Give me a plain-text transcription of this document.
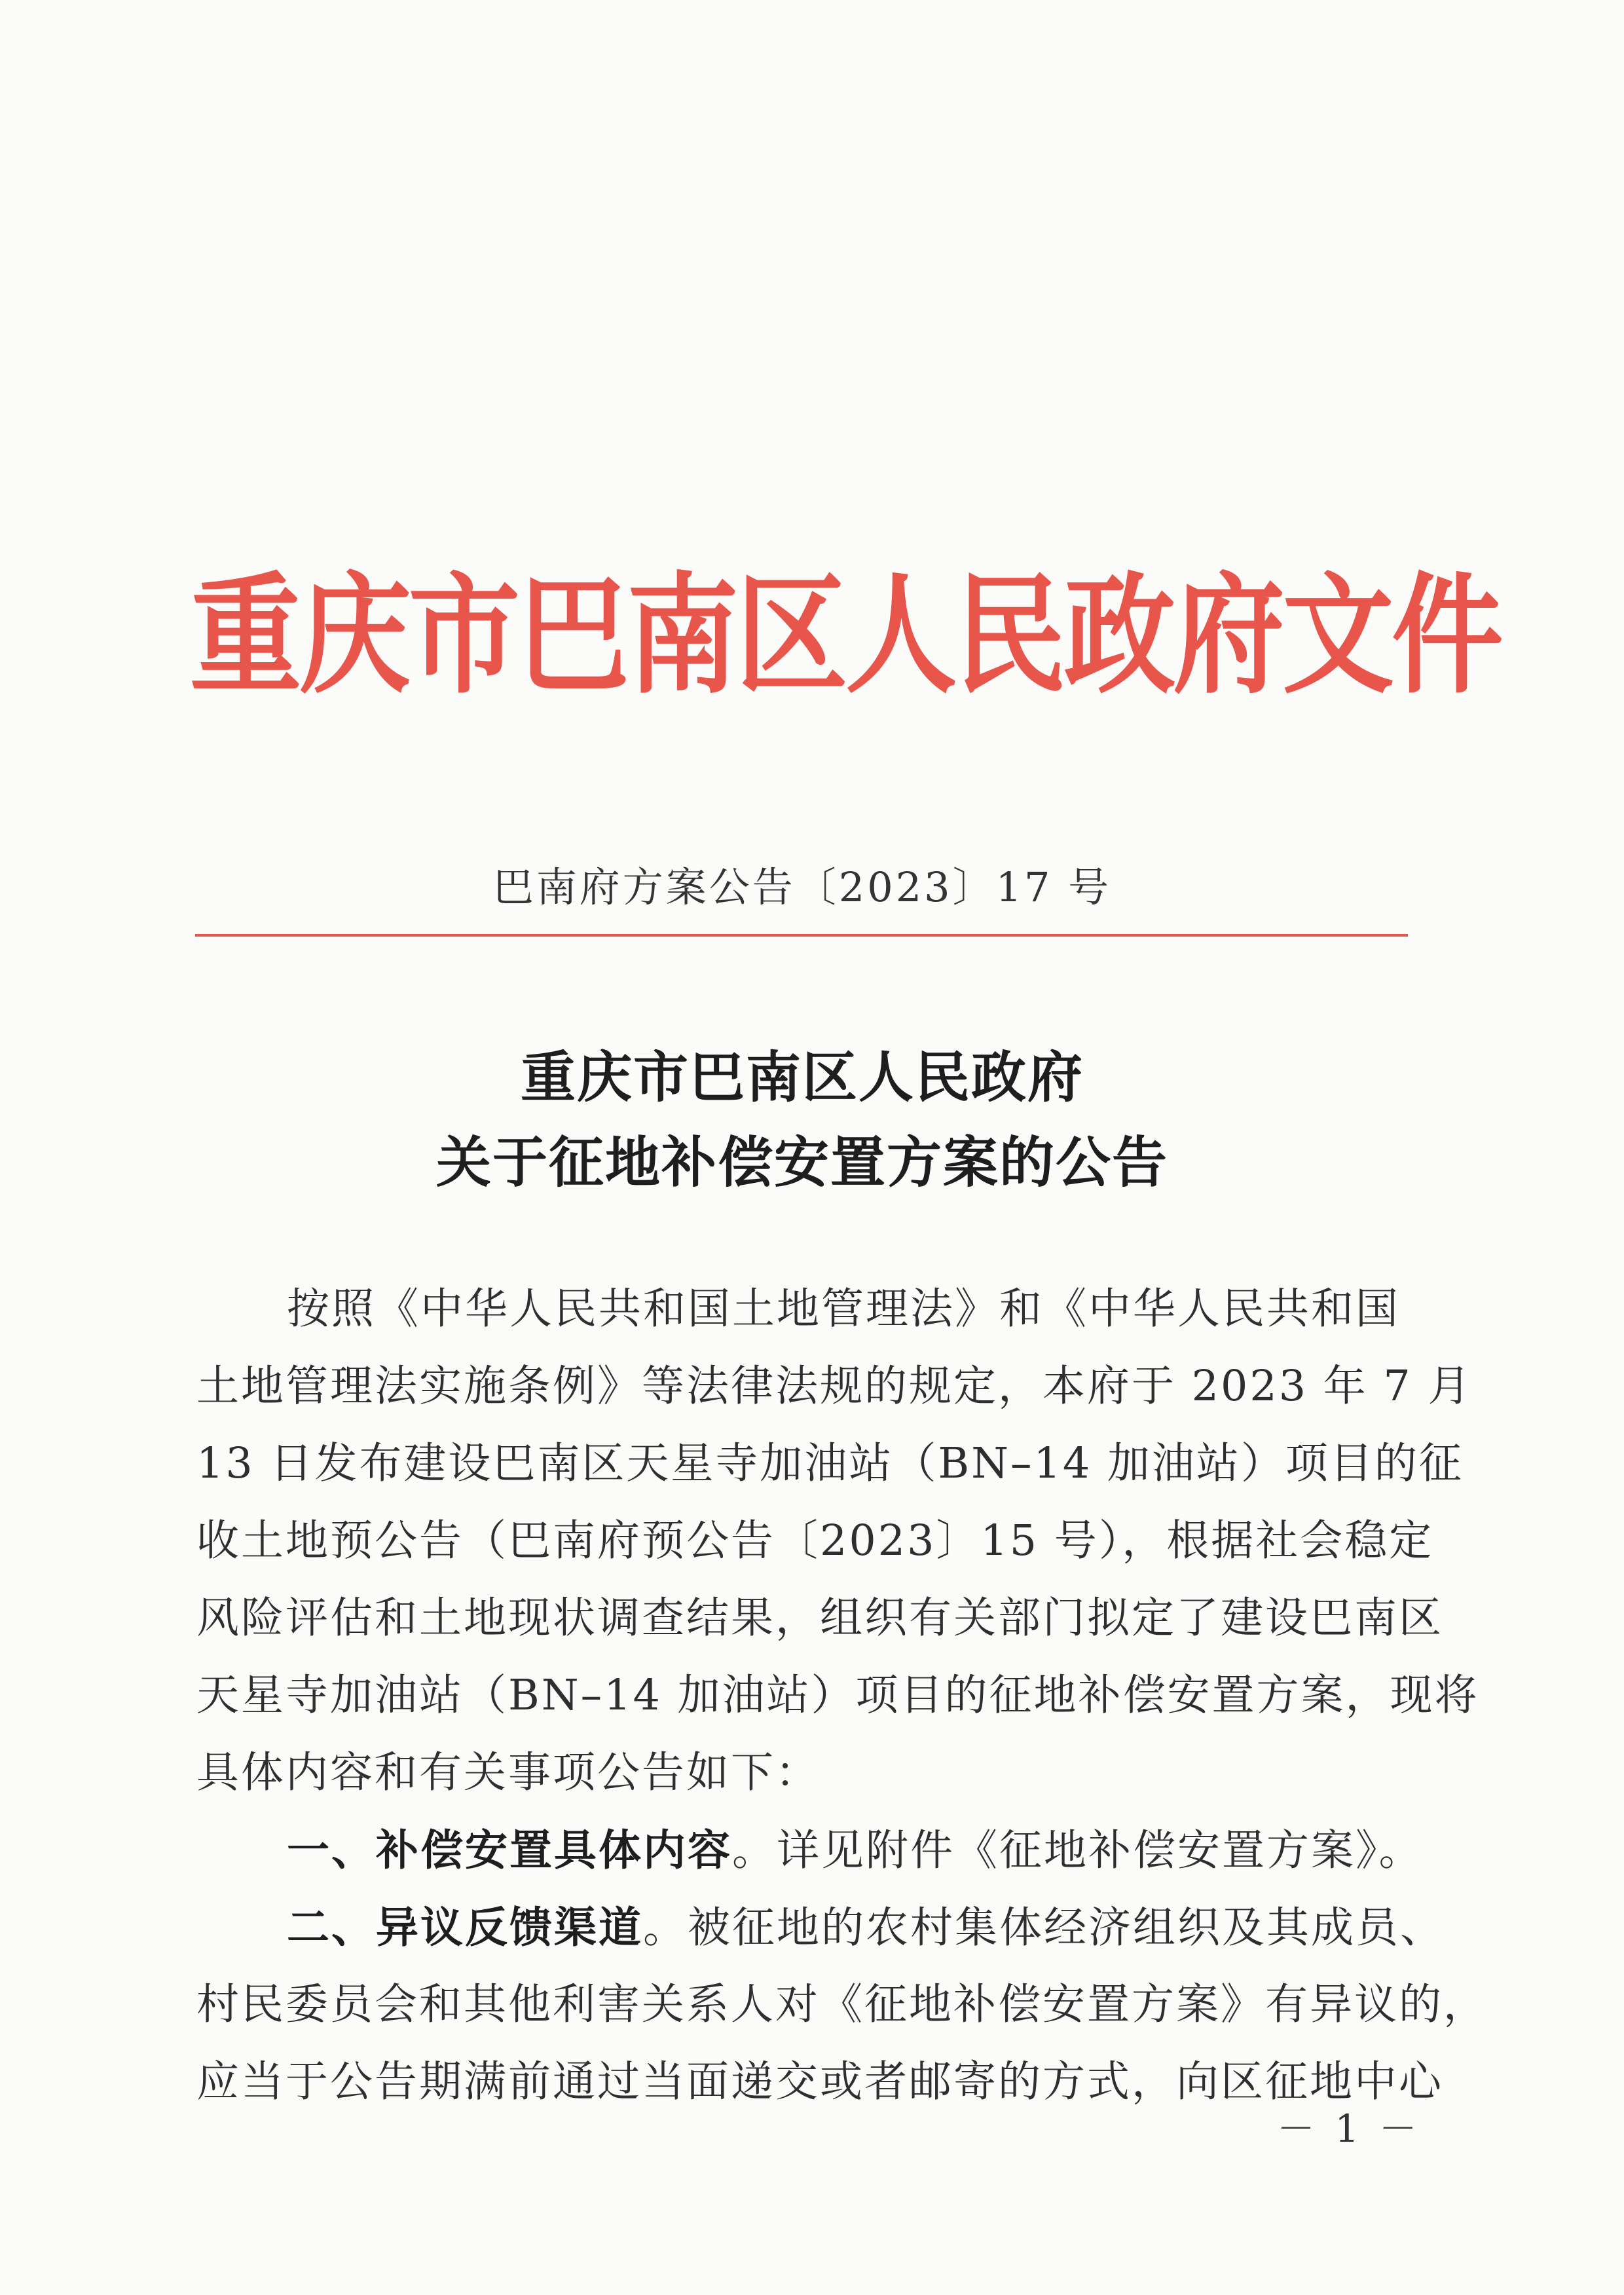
重庆市巴南区人民政府文件
巴南府方案公告〔2023〕17 号
重庆市巴南区人民政府
关于征地补偿安置方案的公告
按照《中华人民共和国土地管理法》和《中华人民共和国
土地管理法实施条例》等法律法规的规定，本府于 2023 年 7 月
13 日发布建设巴南区天星寺加油站（BN–14 加油站）项目的征
收土地预公告（巴南府预公告〔2023〕15 号），根据社会稳定
风险评估和土地现状调查结果，组织有关部门拟定了建设巴南区
天星寺加油站（BN–14 加油站）项目的征地补偿安置方案，现将
具体内容和有关事项公告如下：
一、补偿安置具体内容。详见附件《征地补偿安置方案》。
二、异议反馈渠道。被征地的农村集体经济组织及其成员、
村民委员会和其他利害关系人对《征地补偿安置方案》有异议的，
应当于公告期满前通过当面递交或者邮寄的方式，向区征地中心
－ 1 －
